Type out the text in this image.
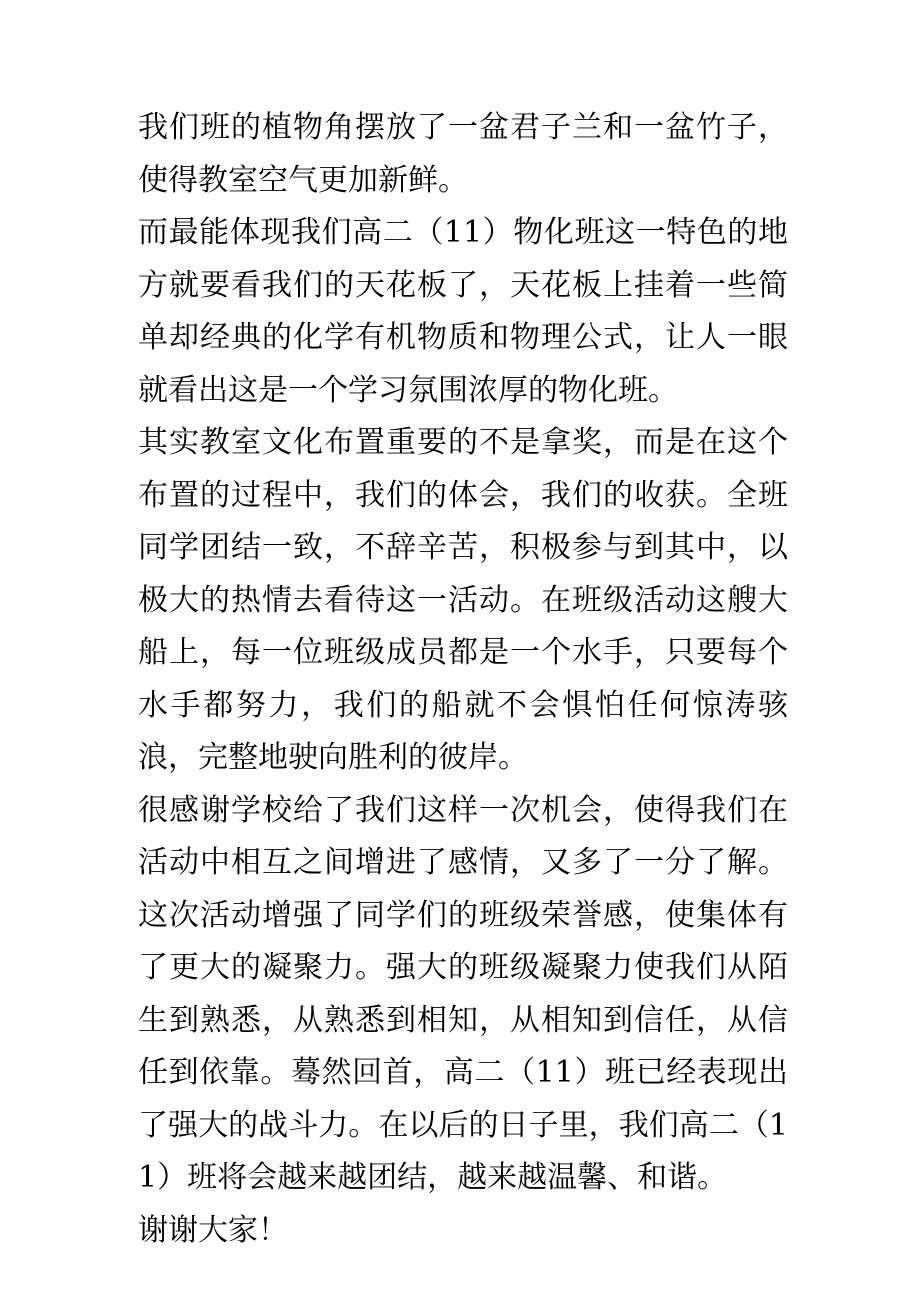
我们班的植物角摆放了一盆君子兰和一盆竹子，使得教室空气更加新鲜。

而最能体现我们高二（11）物化班这一特色的地方就要看我们的天花板了，天花板上挂着一些简单却经典的化学有机物质和物理公式，让人一眼就看出这是一个学习氛围浓厚的物化班。

其实教室文化布置重要的不是拿奖，而是在这个布置的过程中，我们的体会，我们的收获。全班同学团结一致，不辞辛苦，积极参与到其中，以极大的热情去看待这一活动。在班级活动这艘大船上，每一位班级成员都是一个水手，只要每个水手都努力，我们的船就不会惧怕任何惊涛骇浪，完整地驶向胜利的彼岸。

很感谢学校给了我们这样一次机会，使得我们在活动中相互之间增进了感情，又多了一分了解。这次活动增强了同学们的班级荣誉感，使集体有了更大的凝聚力。强大的班级凝聚力使我们从陌生到熟悉，从熟悉到相知，从相知到信任，从信任到依靠。蓦然回首，高二（11）班已经表现出了强大的战斗力。在以后的日子里，我们高二（11）班将会越来越团结，越来越温馨、和谐。

谢谢大家！
